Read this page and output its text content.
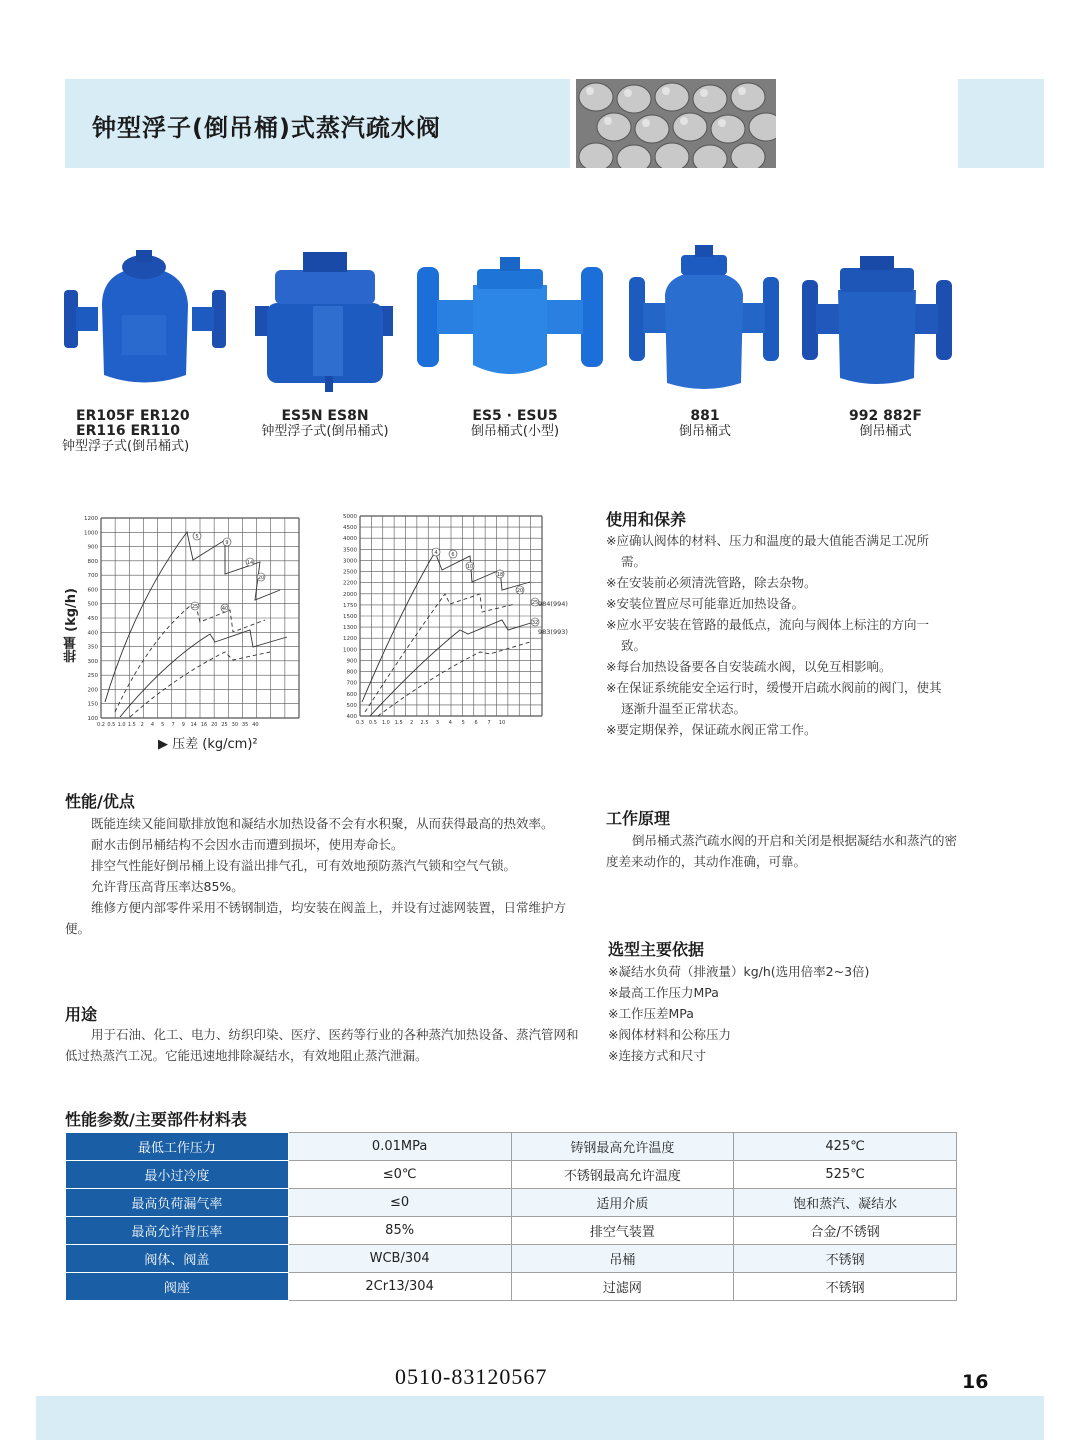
钟型浮子(倒吊桶)式蒸汽疏水阀
ER105F ER120
ER116 ER110
钟型浮子式(倒吊桶式)
ES5N ES8N
钟型浮子式(倒吊桶式)
ES5 · ESU5
倒吊桶式(小型)
881
倒吊桶式
992 882F
倒吊桶式
排量 (kg/h)
1200
1000
900
800
700
600
500
450
400
350
300
250
200
150
100
0.2 0.5 1.0 1.5 2 4 5 7 9 14 16 20 25 30 35 40
5
9
14
20
25	40
5000
4500
4000
3500
3000
2500
2200
2000
1750
1500
1300
1200
1000
900
800
700
600
500
400
0.3 0.5 1.0 1.5 2 2.5 3 4 5 6 7 10
4	6
10
18
20
25
32
984(994)
983(993)
▶ 压差 (kg/cm)²
使用和保养

※应确认阀体的材料、压力和温度的最大值能否满足工况所需。

※在安装前必须清洗管路，除去杂物。

※安装位置应尽可能靠近加热设备。

※应水平安装在管路的最低点，流向与阀体上标注的方向一致。

※每台加热设备要各自安装疏水阀，以免互相影响。

※在保证系统能安全运行时，缓慢开启疏水阀前的阀门，使其逐渐升温至正常状态。

※要定期保养，保证疏水阀正常工作。

性能/优点

既能连续又能间歇排放饱和凝结水加热设备不会有水积聚，从而获得最高的热效率。

耐水击倒吊桶结构不会因水击而遭到损坏，使用寿命长。

排空气性能好倒吊桶上设有溢出排气孔，可有效地预防蒸汽气锁和空气气锁。

允许背压高背压率达85%。

维修方便内部零件采用不锈钢制造，均安装在阀盖上，并设有过滤网装置，日常维护方便。

用途

用于石油、化工、电力、纺织印染、医疗、医药等行业的各种蒸汽加热设备、蒸汽管网和低过热蒸汽工况。它能迅速地排除凝结水，有效地阻止蒸汽泄漏。

工作原理

倒吊桶式蒸汽疏水阀的开启和关闭是根据凝结水和蒸汽的密度差来动作的，其动作准确，可靠。

选型主要依据

※凝结水负荷（排液量）kg/h(选用倍率2~3倍)

※最高工作压力MPa

※工作压差MPa

※阀体材料和公称压力

※连接方式和尺寸

性能参数/主要部件材料表
最低工作压力	0.01MPa	铸钢最高允许温度	425℃
最小过冷度	≤0℃	不锈钢最高允许温度	525℃
最高负荷漏气率	≤0	适用介质	饱和蒸汽、凝结水
最高允许背压率	85%	排空气装置	合金/不锈钢
阀体、阀盖	WCB/304	吊桶	不锈钢
阀座	2Cr13/304	过滤网	不锈钢
0510-83120567	16
